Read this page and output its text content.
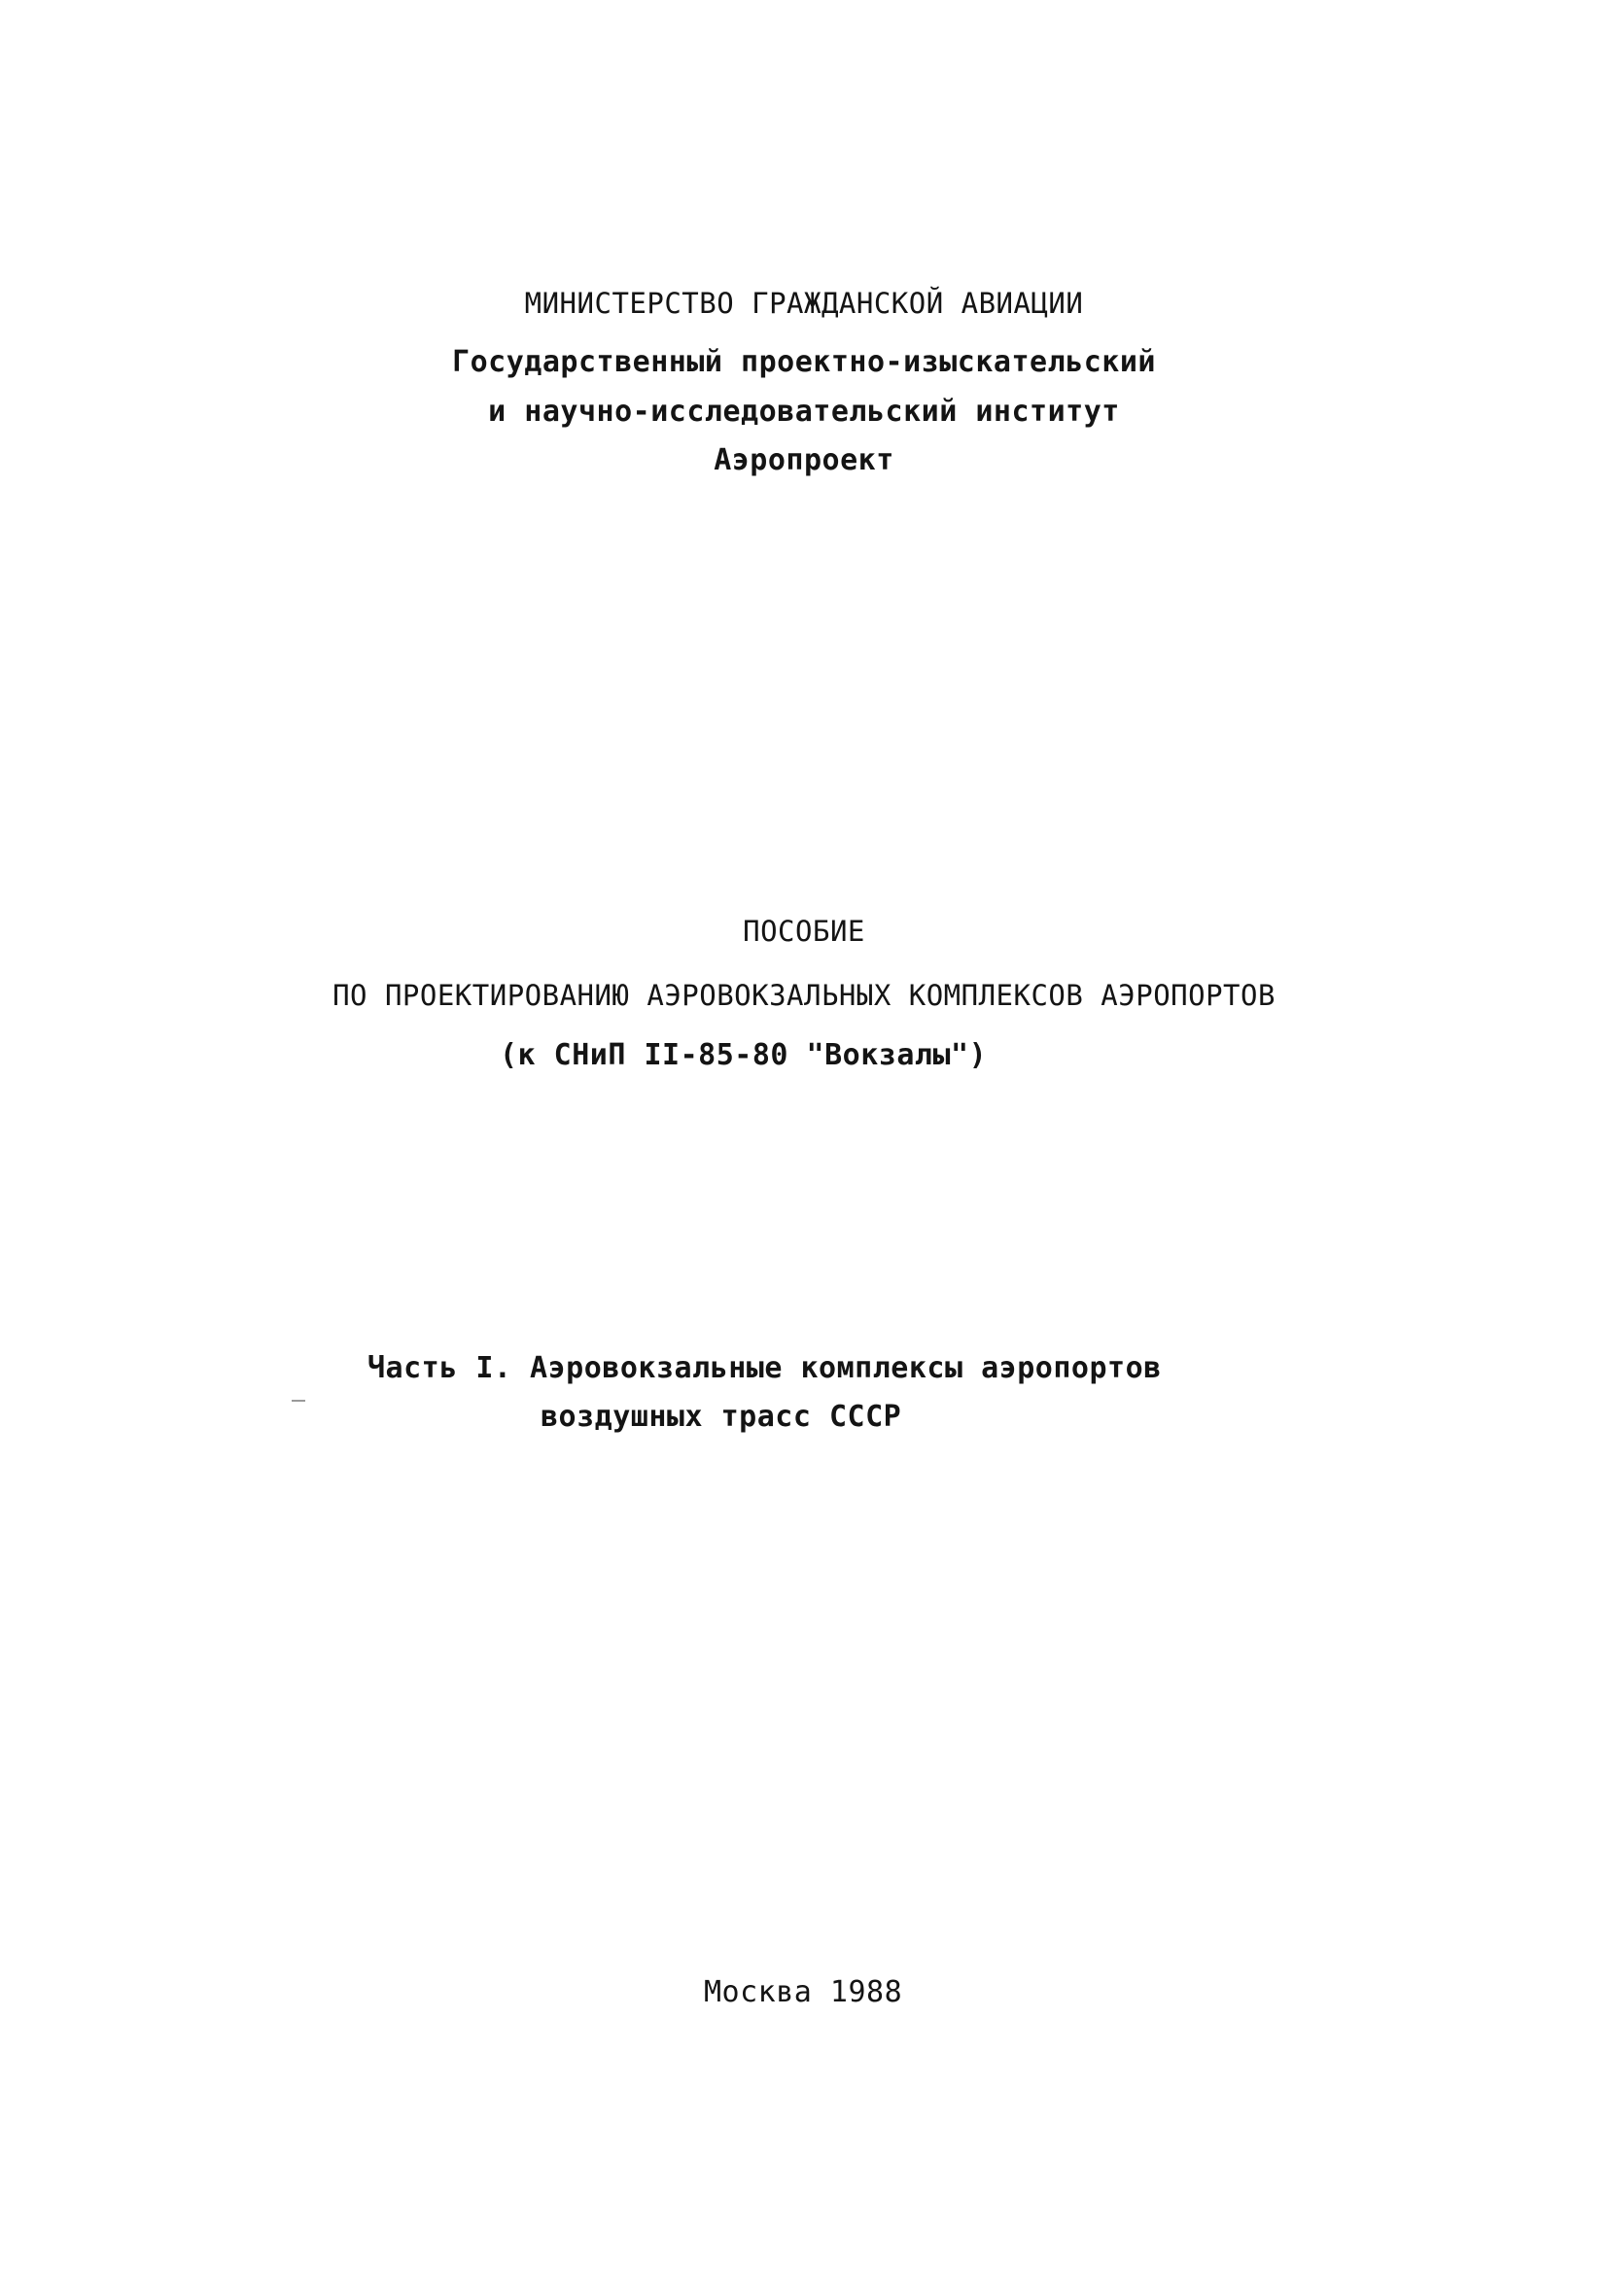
МИНИСТЕРСТВО ГРАЖДАНСКОЙ АВИАЦИИ
Государственный проектно-изыскательский
и научно-исследовательский институт
Аэропроект
ПОСОБИЕ
ПО ПРОЕКТИРОВАНИЮ АЭРОВОКЗАЛЬНЫХ КОМПЛЕКСОВ АЭРОПОРТОВ
(к СНиП II-85-80 "Вокзалы")
Часть I. Аэровокзальные комплексы аэропортов
воздушных трасс СССР
Москва 1988
